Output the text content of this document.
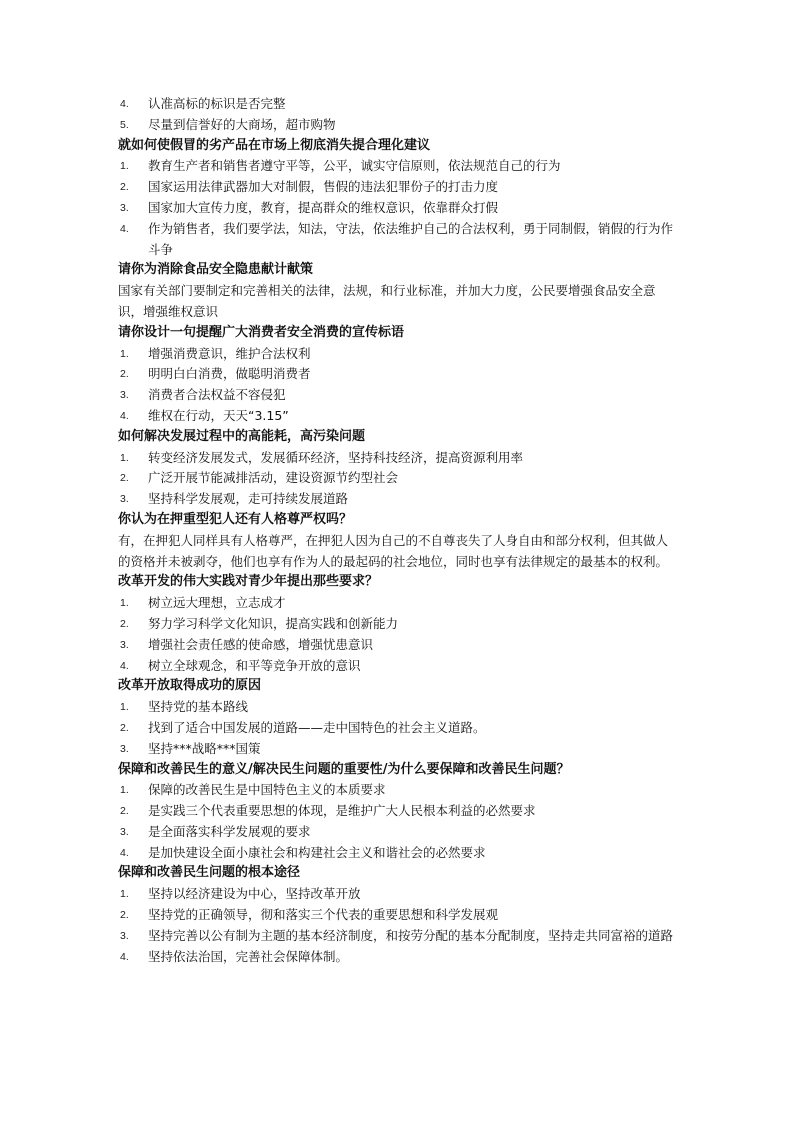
4. 认准高标的标识是否完整
5. 尽量到信誉好的大商场，超市购物
就如何使假冒的劣产品在市场上彻底消失提合理化建议
1. 教育生产者和销售者遵守平等，公平，诚实守信原则，依法规范自己的行为
2. 国家运用法律武器加大对制假，售假的违法犯罪份子的打击力度
3. 国家加大宣传力度，教育，提高群众的维权意识，依靠群众打假
4. 作为销售者，我们要学法，知法，守法，依法维护自己的合法权利，勇于同制假，销假的行为作斗争
请你为消除食品安全隐患献计献策

国家有关部门要制定和完善相关的法律，法规，和行业标准，并加大力度，公民要增强食品安全意识，增强维权意识

请你设计一句提醒广大消费者安全消费的宣传标语
1. 增强消费意识，维护合法权利
2. 明明白白消费，做聪明消费者
3. 消费者合法权益不容侵犯
4. 维权在行动，天天“3.15”
如何解决发展过程中的高能耗，高污染问题
1. 转变经济发展发式，发展循环经济，坚持科技经济，提高资源利用率
2. 广泛开展节能减排活动，建设资源节约型社会
3. 坚持科学发展观，走可持续发展道路
你认为在押重型犯人还有人格尊严权吗？

有，在押犯人同样具有人格尊严，在押犯人因为自己的不自尊丧失了人身自由和部分权利，但其做人的资格并未被剥夺，他们也享有作为人的最起码的社会地位，同时也享有法律规定的最基本的权利。

改革开发的伟大实践对青少年提出那些要求？
1. 树立远大理想，立志成才
2. 努力学习科学文化知识，提高实践和创新能力
3. 增强社会责任感的使命感，增强忧患意识
4. 树立全球观念，和平等竞争开放的意识
改革开放取得成功的原因
1. 坚持党的基本路线
2. 找到了适合中国发展的道路——走中国特色的社会主义道路。
3. 坚持***战略***国策
保障和改善民生的意义/解决民生问题的重要性/为什么要保障和改善民生问题？
1. 保障的改善民生是中国特色主义的本质要求
2. 是实践三个代表重要思想的体现，是维护广大人民根本利益的必然要求
3. 是全面落实科学发展观的要求
4. 是加快建设全面小康社会和构建社会主义和谐社会的必然要求
保障和改善民生问题的根本途径
1. 坚持以经济建设为中心，坚持改革开放
2. 坚持党的正确领导，彻和落实三个代表的重要思想和科学发展观
3. 坚持完善以公有制为主题的基本经济制度，和按劳分配的基本分配制度，坚持走共同富裕的道路
4. 坚持依法治国，完善社会保障体制。
